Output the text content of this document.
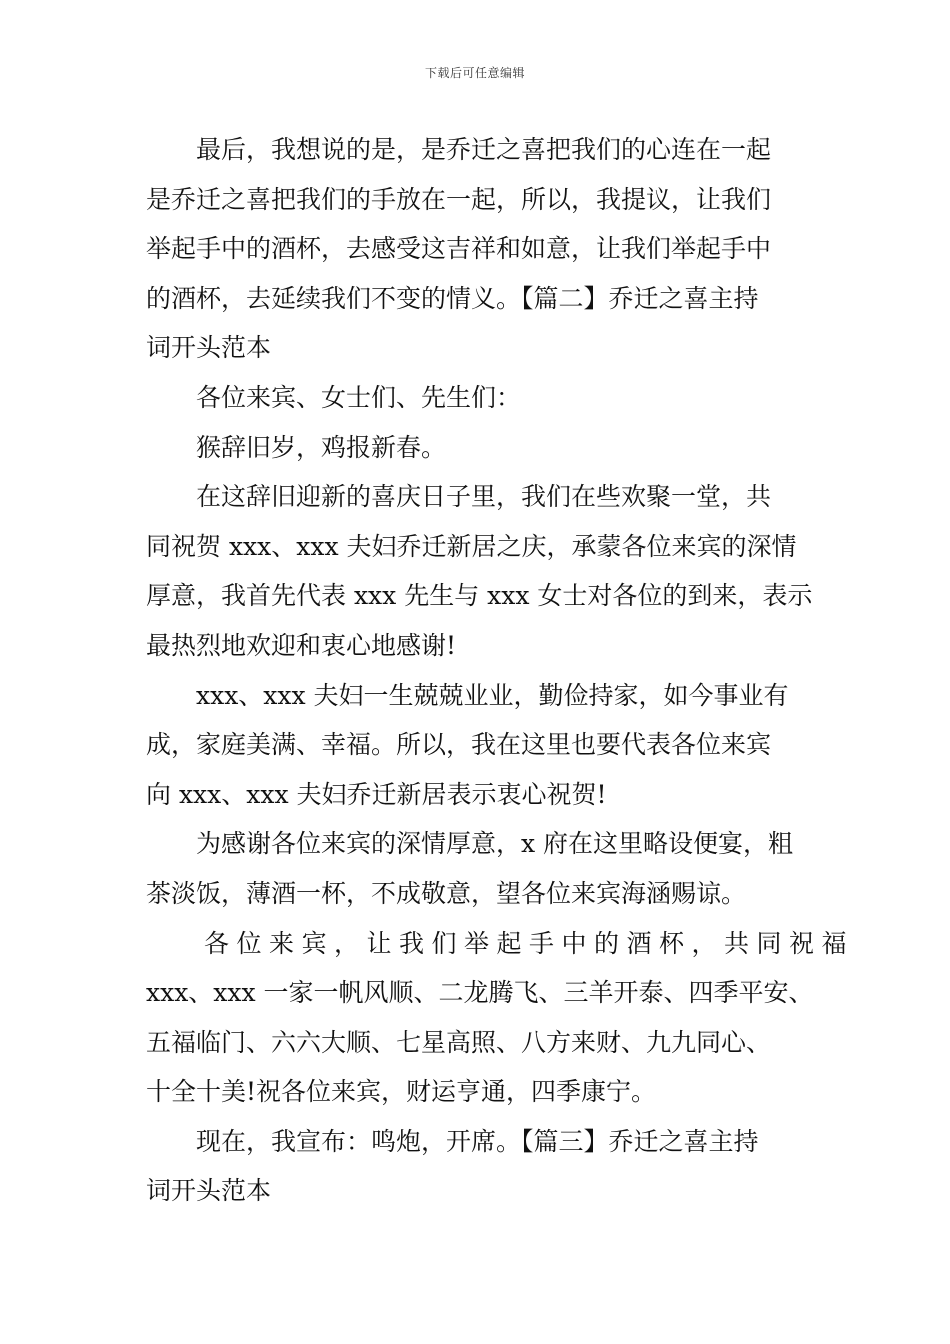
下载后可任意编辑
最后，我想说的是，是乔迁之喜把我们的心连在一起
是乔迁之喜把我们的手放在一起，所以，我提议，让我们
举起手中的酒杯，去感受这吉祥和如意，让我们举起手中
的酒杯，去延续我们不变的情义。【篇二】乔迁之喜主持
词开头范本
各位来宾、女士们、先生们：
猴辞旧岁，鸡报新春。
在这辞旧迎新的喜庆日子里，我们在些欢聚一堂，共
同祝贺 xxx、xxx 夫妇乔迁新居之庆，承蒙各位来宾的深情
厚意，我首先代表 xxx 先生与 xxx 女士对各位的到来，表示
最热烈地欢迎和衷心地感谢!
xxx、xxx 夫妇一生兢兢业业，勤俭持家，如今事业有
成，家庭美满、幸福。所以，我在这里也要代表各位来宾
向 xxx、xxx 夫妇乔迁新居表示衷心祝贺!
为感谢各位来宾的深情厚意，x 府在这里略设便宴，粗
茶淡饭，薄酒一杯，不成敬意，望各位来宾海涵赐谅。
各位来宾，让我们举起手中的酒杯，共同祝福
xxx、xxx 一家一帆风顺、二龙腾飞、三羊开泰、四季平安、
五福临门、六六大顺、七星高照、八方来财、九九同心、
十全十美!祝各位来宾，财运亨通，四季康宁。
现在，我宣布：鸣炮，开席。【篇三】乔迁之喜主持
词开头范本
